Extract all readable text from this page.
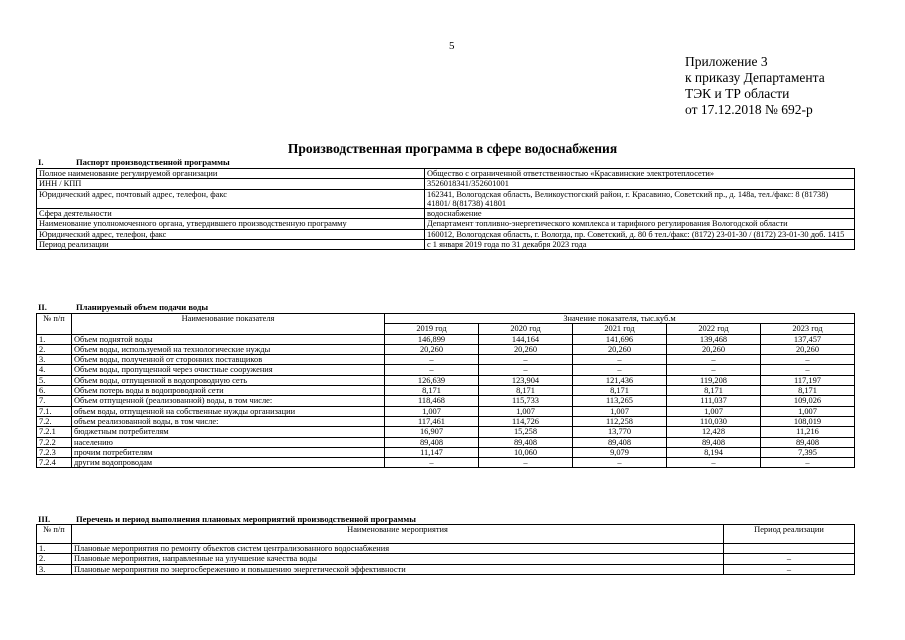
5
Приложение 3
к приказу Департамента
ТЭК и ТР области
от 17.12.2018 № 692-р
Производственная программа в сфере водоснабжения
I.	Паспорт производственной программы
Полное наименование регулируемой организации	Общество с ограниченной ответственностью «Красавинские электротеплосети»
ИНН / КПП	3526018341/352601001
Юридический адрес, почтовый адрес, телефон, факс	162341, Вологодская область, Великоустюгский район, г. Красавино, Советский пр., д. 148а, тел./факс: 8 (81738) 41801/ 8(81738) 41801
Сфера деятельности	водоснабжение
Наименование уполномоченного органа, утвердившего производственную программу	Департамент топливно-энергетического комплекса и тарифного регулирования Вологодской области
Юридический адрес, телефон, факс	160012, Вологодская область, г. Вологда, пр. Советский, д. 80 б тел./факс: (8172) 23-01-30 / (8172) 23-01-30 доб. 1415
Период реализации	с 1 января 2019 года по 31 декабря 2023 года
II.	Планируемый объем подачи воды
№ п/п	Наименование показателя	Значение показателя, тыс.куб.м				
		2019 год	2020 год	2021 год	2022 год	2023 год
1.	Объем поднятой воды	146,899	144,164	141,696	139,468	137,457
2.	Объем воды, используемой на технологические нужды	20,260	20,260	20,260	20,260	20,260
3.	Объем воды, полученной от сторонних поставщиков	–	–	–	–	–
4.	Объем воды, пропущенной через очистные сооружения	–	–	–	–	–
5.	Объем воды, отпущенной в водопроводную сеть	126,639	123,904	121,436	119,208	117,197
6.	Объем потерь воды в водопроводной сети	8,171	8,171	8,171	8,171	8,171
7.	Объем отпущенной (реализованной) воды, в том числе:	118,468	115,733	113,265	111,037	109,026
7.1.	объем воды, отпущенной на собственные нужды организации	1,007	1,007	1,007	1,007	1,007
7.2.	объем реализованной воды, в том числе:	117,461	114,726	112,258	110,030	108,019
7.2.1	бюджетным потребителям	16,907	15,258	13,770	12,428	11,216
7.2.2	населению	89,408	89,408	89,408	89,408	89,408
7.2.3	прочим потребителям	11,147	10,060	9,079	8,194	7,395
7.2.4	другим водопроводам	–	–	–	–	–
III.	Перечень и период выполнения плановых мероприятий производственной программы
№ п/п	Наименование мероприятия	Период реализации
1.	Плановые мероприятия по ремонту объектов систем централизованного водоснабжения	
2.	Плановые мероприятия, направленные на улучшение качества воды	–
3.	Плановые мероприятия по энергосбережению и повышению энергетической эффективности	–
